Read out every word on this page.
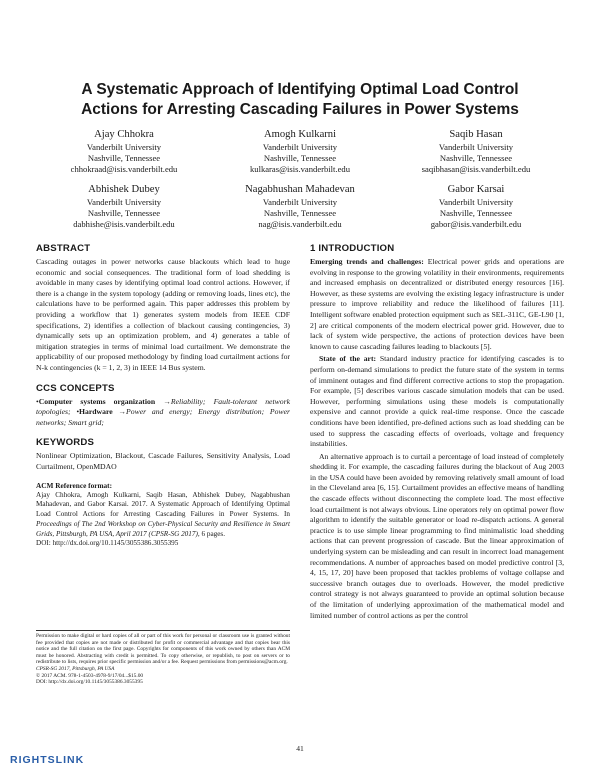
A Systematic Approach of Identifying Optimal Load Control
Actions for Arresting Cascading Failures in Power Systems
Ajay Chhokra
Vanderbilt University
Nashville, Tennessee
chhokraad@isis.vanderbilt.edu
Amogh Kulkarni
Vanderbilt University
Nashville, Tennessee
kulkaras@isis.vanderbilt.edu
Saqib Hasan
Vanderbilt University
Nashville, Tennessee
saqibhasan@isis.vanderbilt.edu
Abhishek Dubey
Vanderbilt University
Nashville, Tennessee
dabhishe@isis.vanderbilt.edu
Nagabhushan Mahadevan
Vanderbilt University
Nashville, Tennessee
nag@isis.vanderbilt.edu
Gabor Karsai
Vanderbilt University
Nashville, Tennessee
gabor@isis.vanderbilt.edu
ABSTRACT

Cascading outages in power networks cause blackouts which lead to huge economic and social consequences. The traditional form of load shedding is avoidable in many cases by identifying optimal load control actions. However, if there is a change in the system topology (adding or removing loads, lines etc), the calculations have to be performed again. This paper addresses this problem by providing a workflow that 1) generates system models from IEEE CDF specifications, 2) identifies a collection of blackout causing contingencies, 3) dynamically sets up an optimization problem, and 4) generates a table of mitigation strategies in terms of minimal load curtailment. We demonstrate the applicability of our proposed methodology by finding load curtailment actions for N-k contingencies (k = 1, 2, 3) in IEEE 14 Bus system.

CCS CONCEPTS

•Computer systems organization →Reliability; Fault-tolerant network topologies; •Hardware →Power and energy; Energy distribution; Power networks; Smart grid;

KEYWORDS

Nonlinear Optimization, Blackout, Cascade Failures, Sensitivity Analysis, Load Curtailment, OpenMDAO

ACM Reference format:

Ajay Chhokra, Amogh Kulkarni, Saqib Hasan, Abhishek Dubey, Nagabhushan Mahadevan, and Gabor Karsai. 2017. A Systematic Approach of Identifying Optimal Load Control Actions for Arresting Cascading Failures in Power Systems. In Proceedings of The 2nd Workshop on Cyber-Physical Security and Resilience in Smart Grids, Pittsburgh, PA USA, April 2017 (CPSR-SG 2017), 6 pages.

DOI: http://dx.doi.org/10.1145/3055386.3055395

Permission to make digital or hard copies of all or part of this work for personal or classroom use is granted without fee provided that copies are not made or distributed for profit or commercial advantage and that copies bear this notice and the full citation on the first page. Copyrights for components of this work owned by others than ACM must be honored. Abstracting with credit is permitted. To copy otherwise, or republish, to post on servers or to redistribute to lists, requires prior specific permission and/or a fee. Request permissions from permissions@acm.org.

CPSR-SG 2017, Pittsburgh, PA USA
© 2017 ACM. 978-1-4503-4978-9/17/04...$15.00
DOI: http://dx.doi.org/10.1145/3055386.3055395
1 INTRODUCTION

Emerging trends and challenges: Electrical power grids and operations are evolving in response to the growing volatility in their environments, requirements and increased emphasis on decentralized or distributed energy resources [16]. However, as these systems are evolving the existing legacy infrastructure is under pressure to improve reliability and reduce the likelihood of failures [11]. Intelligent software enabled protection equipment such as SEL-311C, GE-L90 [1, 2] are critical components of the modern electrical power grid. However, due to lack of system wide perspective, the actions of protection devices have been known to cause cascading failures leading to blackouts [5].

State of the art: Standard industry practice for identifying cascades is to perform on-demand simulations to predict the future state of the system in terms of imminent outages and find different corrective actions to stop the propagation. For example, [5] describes various cascade simulation models that can be used. However, performing simulations using these models is computationally expensive and cannot provide a quick real-time response. Once the cascade conditions have been identified, pre-defined actions such as load shedding can be used to suppress the cascading effects of overloads, voltage and frequency instabilities.

An alternative approach is to curtail a percentage of load instead of completely shedding it. For example, the cascading failures during the blackout of Aug 2003 in the USA could have been avoided by removing relatively small amount of load in the Cleveland area [6, 15]. Curtailment provides an effective means of handling the cascade effects without disconnecting the complete load. The most effective load curtailment is not always obvious. Line operators rely on optimal power flow algorithm to identify the suitable generator or load re-dispatch actions. A general practice is to use simple linear programming to find minimalistic load shedding actions that can prevent progression of cascade. But the linear approximation of underlying system can be misleading and can result in incorrect load management recommendations. A number of approaches based on model predictive control [3, 4, 15, 17, 20] have been proposed that tackles problems of voltage collapse and successive branch outages due to overloads. However, the model predictive control strategy is not always guaranteed to provide an optimal solution because of the limitation of underlying approximation of the mathematical model and limited number of control actions as per the control

41
RIGHTSLINK
